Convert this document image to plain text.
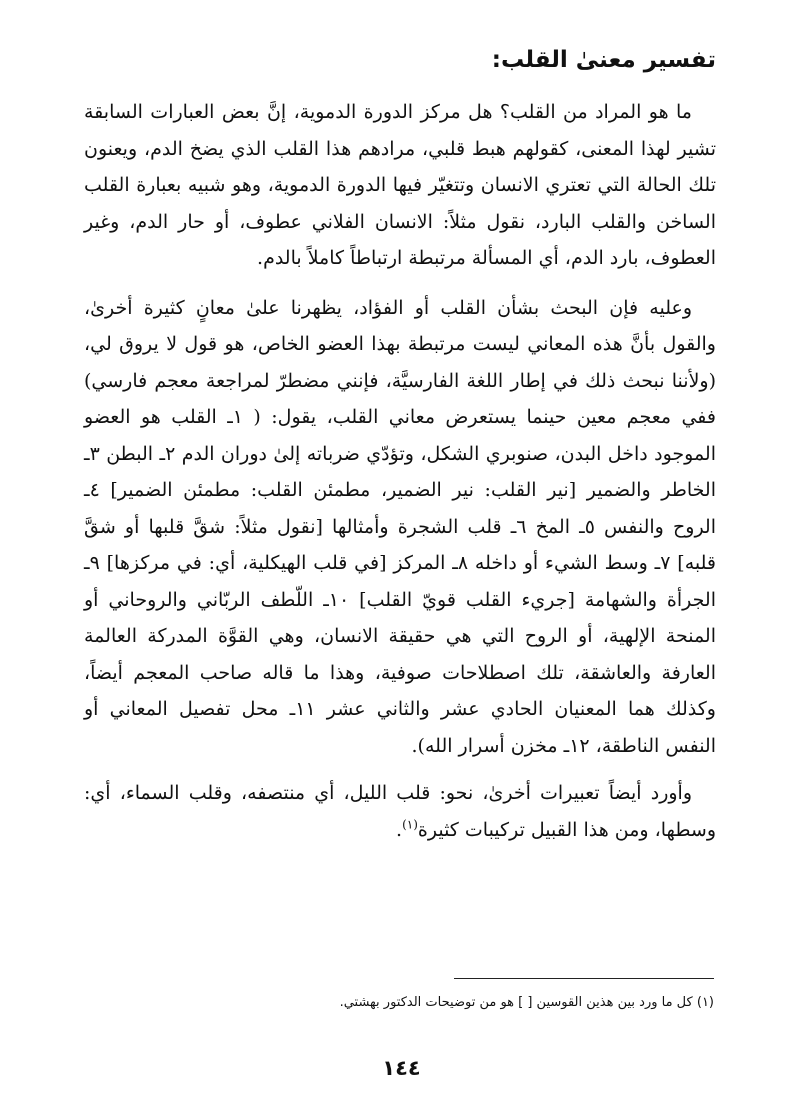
تفسير معنىٰ القلب:

ما هو المراد من القلب؟ هل مركز الدورة الدموية، إنَّ بعض العبارات السابقة تشير لهذا المعنى، كقولهم هبط قلبي، مرادهم هذا القلب الذي يضخ الدم، ويعنون تلك الحالة التي تعتري الانسان وتتغيّر فيها الدورة الدموية، وهو شبيه بعبارة القلب الساخن والقلب البارد، نقول مثلاً: الانسان الفلاني عطوف، أو حار الدم، وغير العطوف، بارد الدم، أي المسألة مرتبطة ارتباطاً كاملاً بالدم.

وعليه فإن البحث بشأن القلب أو الفؤاد، يظهرنا علىٰ معانٍ كثيرة أخرىٰ، والقول بأنَّ هذه المعاني ليست مرتبطة بهذا العضو الخاص، هو قول لا يروق لي، (ولأننا نبحث ذلك في إطار اللغة الفارسيَّة، فإنني مضطرّ لمراجعة معجم فارسي) ففي معجم معين حينما يستعرض معاني القلب، يقول: ( ١ـ القلب هو العضو الموجود داخل البدن، صنوبري الشكل، وتؤدّي ضرباته إلىٰ دوران الدم ٢ـ البطن ٣ـ الخاطر والضمير [نير القلب: نير الضمير، مطمئن القلب: مطمئن الضمير] ٤ـ الروح والنفس ٥ـ المخ ٦ـ قلب الشجرة وأمثالها [نقول مثلاً: شقَّ قلبها أو شقَّ قلبه] ٧ـ وسط الشيء أو داخله ٨ـ المركز [في قلب الهيكلية، أي: في مركزها] ٩ـ الجرأة والشهامة [جريء القلب قويّ القلب] ١٠ـ اللّطف الربّاني والروحاني أو المنحة الإلهية، أو الروح التي هي حقيقة الانسان، وهي القوَّة المدركة العالمة العارفة والعاشقة، تلك اصطلاحات صوفية، وهذا ما قاله صاحب المعجم أيضاً، وكذلك هما المعنيان الحادي عشر والثاني عشر ١١ـ محل تفصيل المعاني أو النفس الناطقة، ١٢ـ مخزن أسرار الله).

وأورد أيضاً تعبيرات أخرىٰ، نحو: قلب الليل، أي منتصفه، وقلب السماء، أي: وسطها، ومن هذا القبيل تركيبات كثيرة$^{(١)}$.

(١) كل ما ورد بين هذين القوسين [ ] هو من توضيحات الدكتور بهشتي.
١٤٤
